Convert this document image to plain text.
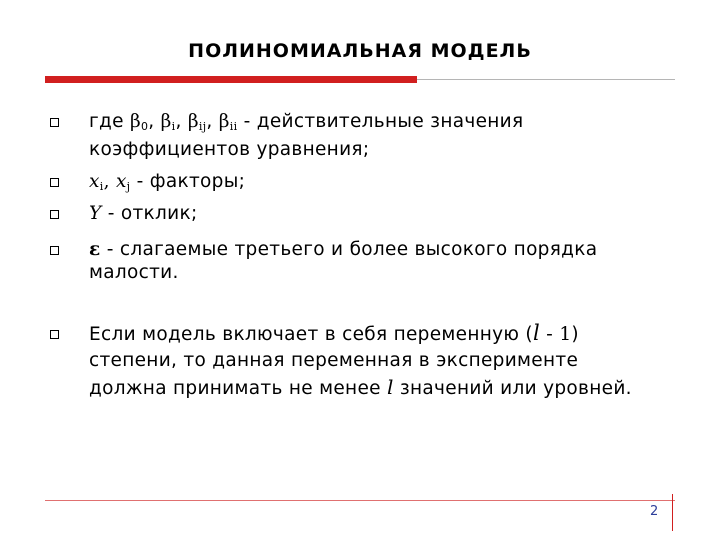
ПОЛИНОМИАЛЬНАЯ МОДЕЛЬ
где $\beta_0$, $\beta_i$, $\beta_{ij}$, $\beta_{ii}$ - действительные значения
коэффициентов уравнения;
$x_i$, $x_j$ - факторы;
Y - отклик;
ε - слагаемые третьего и более высокого порядка
малости.
Если модель включает в себя переменную (l - 1)
степени, то данная переменная в эксперименте
должна принимать не менее l значений или уровней.
2
